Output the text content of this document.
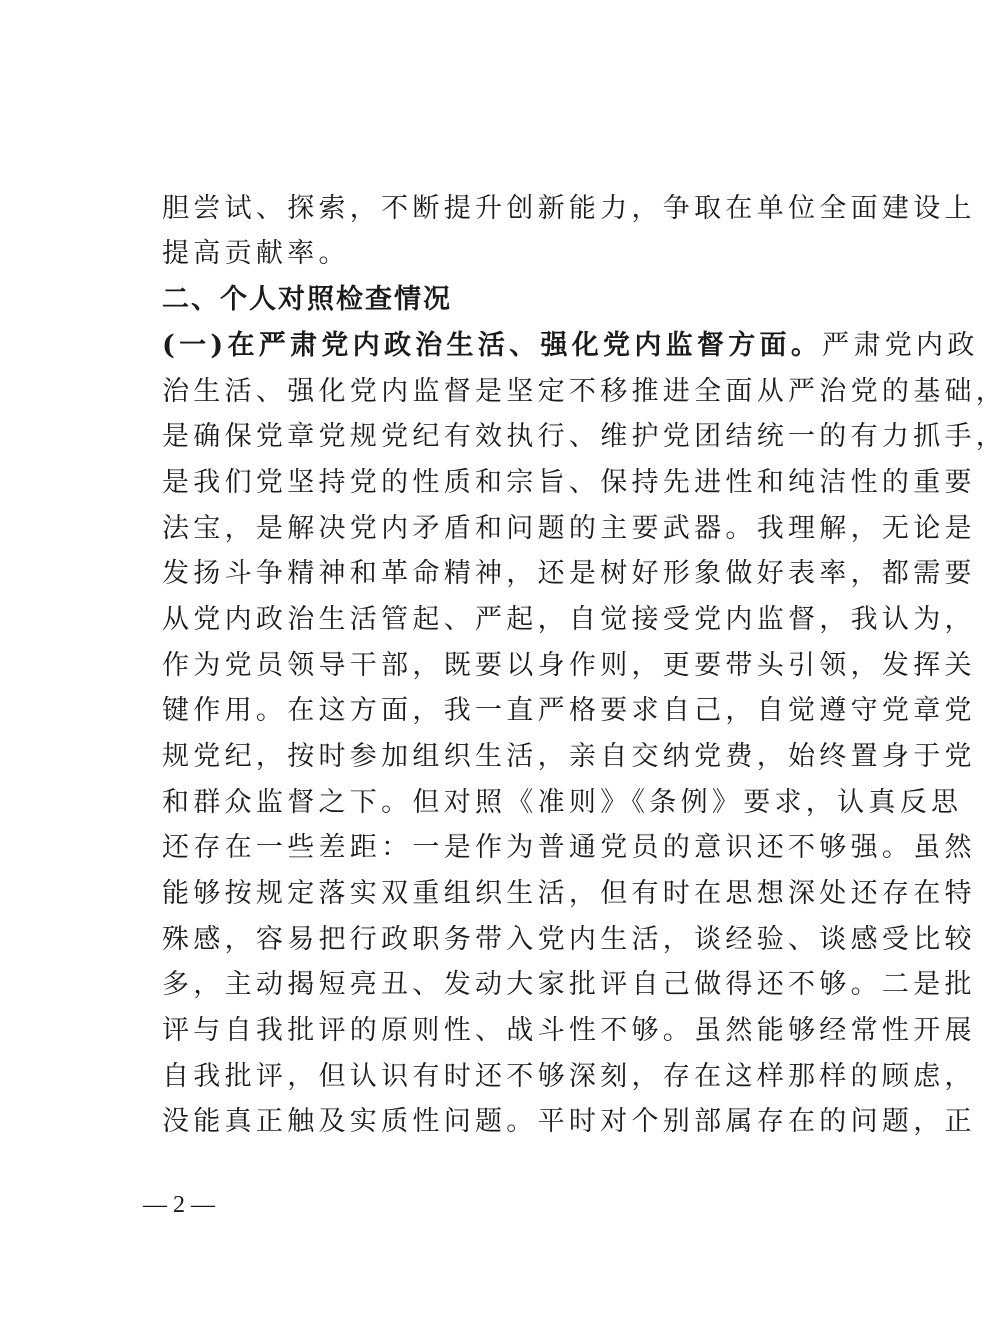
胆尝试、探索，不断提升创新能力，争取在单位全面建设上
提高贡献率。
二、个人对照检查情况
(一)在严肃党内政治生活、强化党内监督方面。严肃党内政
治生活、强化党内监督是坚定不移推进全面从严治党的基础，
是确保党章党规党纪有效执行、维护党团结统一的有力抓手，
是我们党坚持党的性质和宗旨、保持先进性和纯洁性的重要
法宝，是解决党内矛盾和问题的主要武器。我理解，无论是
发扬斗争精神和革命精神，还是树好形象做好表率，都需要
从党内政治生活管起、严起，自觉接受党内监督，我认为，
作为党员领导干部，既要以身作则，更要带头引领，发挥关
键作用。在这方面，我一直严格要求自己，自觉遵守党章党
规党纪，按时参加组织生活，亲自交纳党费，始终置身于党
和群众监督之下。但对照《准则》《条例》要求，认真反思
还存在一些差距：一是作为普通党员的意识还不够强。虽然
能够按规定落实双重组织生活，但有时在思想深处还存在特
殊感，容易把行政职务带入党内生活，谈经验、谈感受比较
多，主动揭短亮丑、发动大家批评自己做得还不够。二是批
评与自我批评的原则性、战斗性不够。虽然能够经常性开展
自我批评，但认识有时还不够深刻，存在这样那样的顾虑，
没能真正触及实质性问题。平时对个别部属存在的问题，正
— 2 —
